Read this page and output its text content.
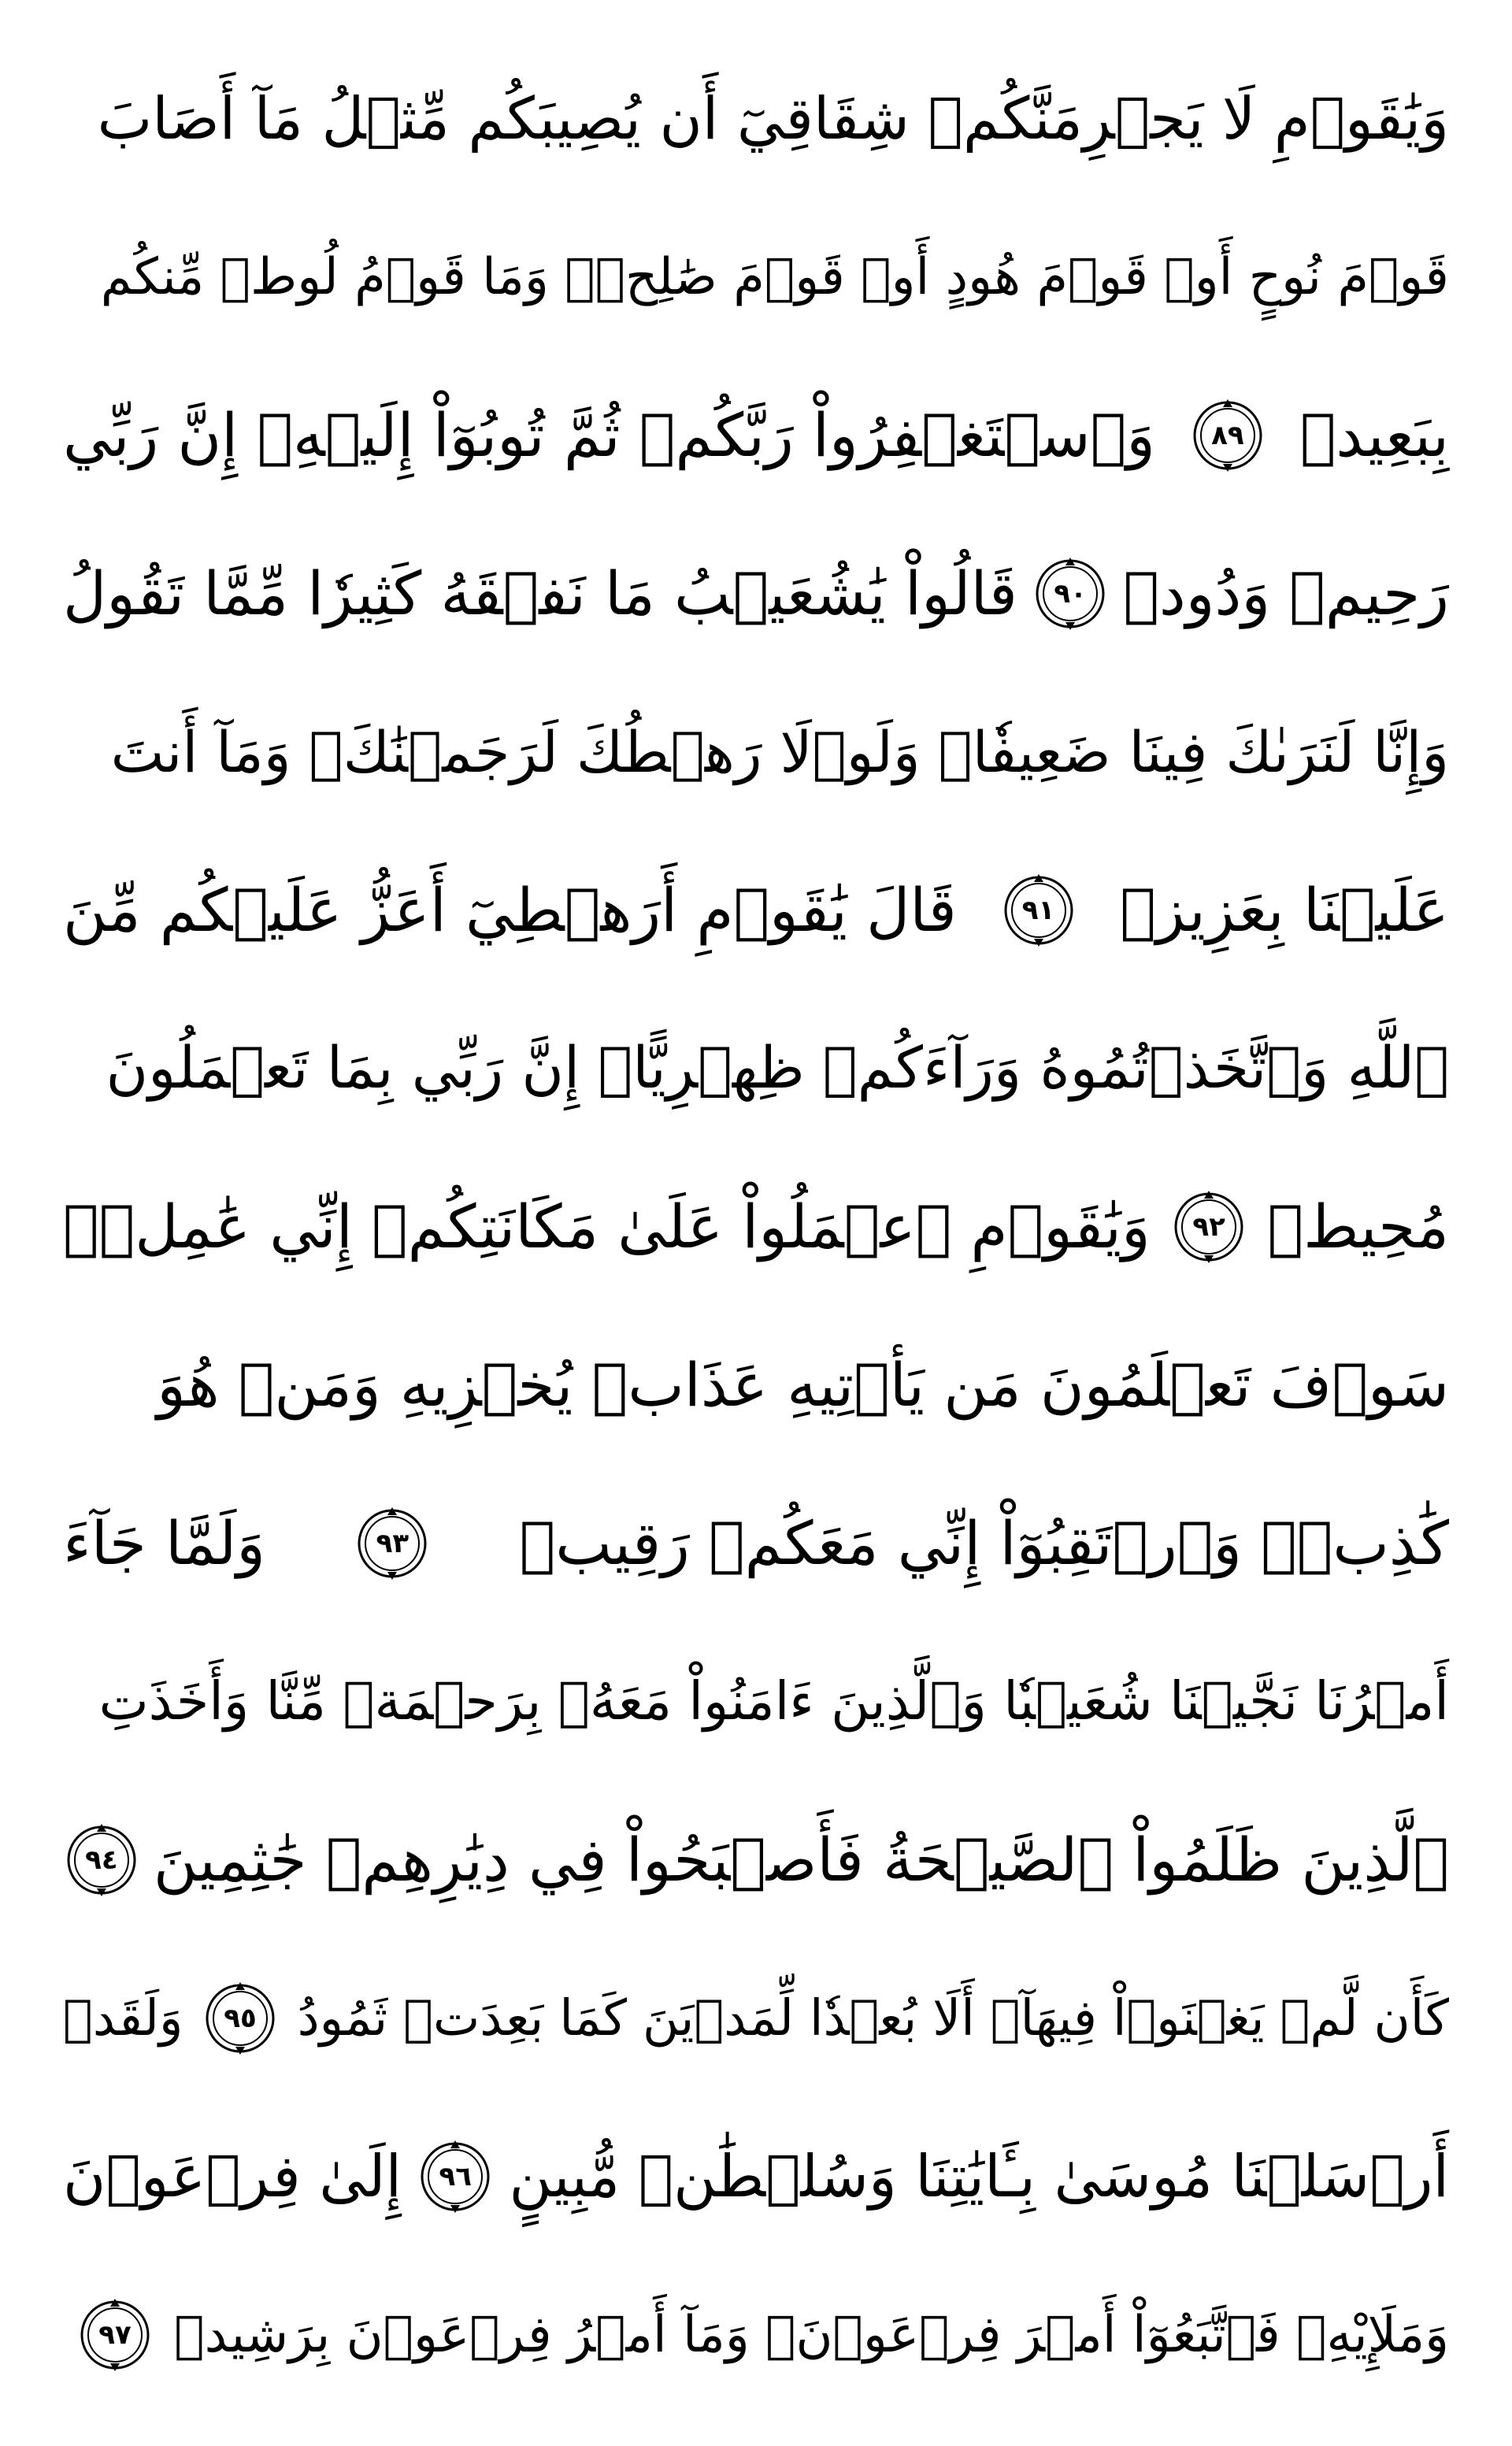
وَيَٰقَوۡمِ لَا يَجۡرِمَنَّكُمۡ شِقَاقِيٓ أَن يُصِيبَكُم مِّثۡلُ مَآ أَصَابَ
قَوۡمَ نُوحٍ أَوۡ قَوۡمَ هُودٍ أَوۡ قَوۡمَ صَٰلِحٖۚ وَمَا قَوۡمُ لُوطٖ مِّنكُم
بِبَعِيدٖ
٨٩
وَٱسۡتَغۡفِرُواْ رَبَّكُمۡ ثُمَّ تُوبُوٓاْ إِلَيۡهِۚ إِنَّ رَبِّي
رَحِيمٞ وَدُودٞ
٩٠
قَالُواْ يَٰشُعَيۡبُ مَا نَفۡقَهُ كَثِيرٗا مِّمَّا تَقُولُ
وَإِنَّا لَنَرَىٰكَ فِينَا ضَعِيفٗاۖ وَلَوۡلَا رَهۡطُكَ لَرَجَمۡنَٰكَۖ وَمَآ أَنتَ
عَلَيۡنَا بِعَزِيزٖ
٩١
قَالَ يَٰقَوۡمِ أَرَهۡطِيٓ أَعَزُّ عَلَيۡكُم مِّنَ
ٱللَّهِ وَٱتَّخَذۡتُمُوهُ وَرَآءَكُمۡ ظِهۡرِيًّاۖ إِنَّ رَبِّي بِمَا تَعۡمَلُونَ
مُحِيطٞ
٩٢
وَيَٰقَوۡمِ ٱعۡمَلُواْ عَلَىٰ مَكَانَتِكُمۡ إِنِّي عَٰمِلٞۖ
سَوۡفَ تَعۡلَمُونَ مَن يَأۡتِيهِ عَذَابٞ يُخۡزِيهِ وَمَنۡ هُوَ
كَٰذِبٞۖ وَٱرۡتَقِبُوٓاْ إِنِّي مَعَكُمۡ رَقِيبٞ
٩٣
وَلَمَّا جَآءَ
أَمۡرُنَا نَجَّيۡنَا شُعَيۡبٗا وَٱلَّذِينَ ءَامَنُواْ مَعَهُۥ بِرَحۡمَةٖ مِّنَّا وَأَخَذَتِ
ٱلَّذِينَ ظَلَمُواْ ٱلصَّيۡحَةُ فَأَصۡبَحُواْ فِي دِيَٰرِهِمۡ جَٰثِمِينَ
٩٤
كَأَن لَّمۡ يَغۡنَوۡاْ فِيهَآۗ أَلَا بُعۡدٗا لِّمَدۡيَنَ كَمَا بَعِدَتۡ ثَمُودُ
٩٥
وَلَقَدۡ
أَرۡسَلۡنَا مُوسَىٰ بِـَٔايَٰتِنَا وَسُلۡطَٰنٖ مُّبِينٍ
٩٦
إِلَىٰ فِرۡعَوۡنَ
وَمَلَإِيْهِۦ فَٱتَّبَعُوٓاْ أَمۡرَ فِرۡعَوۡنَۖ وَمَآ أَمۡرُ فِرۡعَوۡنَ بِرَشِيدٖ
٩٧
